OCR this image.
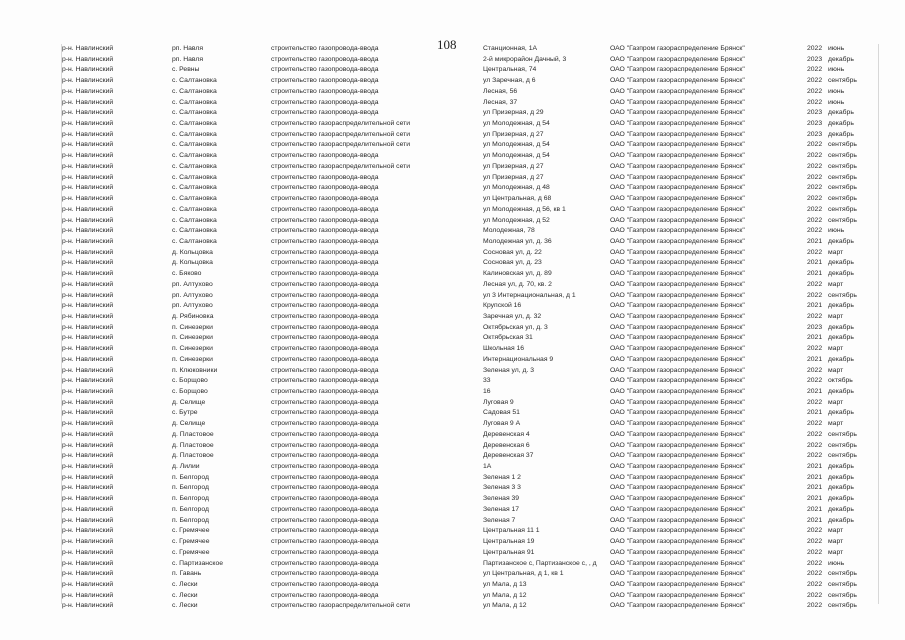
108
р-н. Навлинский	рп. Навля	строительство газопровода-ввода	Станционная, 1А	ОАО "Газпром газораспределение Брянск"	2022 июнь
р-н. Навлинский	рп. Навля	строительство газопровода-ввода	2-й микрорайон Дачный, 3	ОАО "Газпром газораспределение Брянск"	2023 декабрь
р-н. Навлинский	с. Ревны	строительство газопровода-ввода	Центральная, 74	ОАО "Газпром газораспределение Брянск"	2022 июнь
р-н. Навлинский	с. Салтановка	строительство газопровода-ввода	ул Заречная, д 6	ОАО "Газпром газораспределение Брянск"	2022 сентябрь
р-н. Навлинский	с. Салтановка	строительство газопровода-ввода	Лесная, 56	ОАО "Газпром газораспределение Брянск"	2022 июнь
р-н. Навлинский	с. Салтановка	строительство газопровода-ввода	Лесная, 37	ОАО "Газпром газораспределение Брянск"	2022 июнь
р-н. Навлинский	с. Салтановка	строительство газопровода-ввода	ул Призерная, д 29	ОАО "Газпром газораспределение Брянск"	2023 декабрь
р-н. Навлинский	с. Салтановка	строительство газораспределительной сети	ул Молодежная, д 54	ОАО "Газпром газораспределение Брянск"	2023 декабрь
р-н. Навлинский	с. Салтановка	строительство газораспределительной сети	ул Призерная, д 27	ОАО "Газпром газораспределение Брянск"	2023 декабрь
р-н. Навлинский	с. Салтановка	строительство газораспределительной сети	ул Молодежная, д 54	ОАО "Газпром газораспределение Брянск"	2022 сентябрь
р-н. Навлинский	с. Салтановка	строительство газопровода-ввода	ул Молодежная, д 54	ОАО "Газпром газораспределение Брянск"	2022 сентябрь
р-н. Навлинский	с. Салтановка	строительство газораспределительной сети	ул Призерная, д 27	ОАО "Газпром газораспределение Брянск"	2022 сентябрь
р-н. Навлинский	с. Салтановка	строительство газопровода-ввода	ул Призерная, д 27	ОАО "Газпром газораспределение Брянск"	2022 сентябрь
р-н. Навлинский	с. Салтановка	строительство газопровода-ввода	ул Молодежная, д 48	ОАО "Газпром газораспределение Брянск"	2022 сентябрь
р-н. Навлинский	с. Салтановка	строительство газопровода-ввода	ул Центральная, д 68	ОАО "Газпром газораспределение Брянск"	2022 сентябрь
р-н. Навлинский	с. Салтановка	строительство газопровода-ввода	ул Молодежная, д 56, кв 1	ОАО "Газпром газораспределение Брянск"	2022 сентябрь
р-н. Навлинский	с. Салтановка	строительство газопровода-ввода	ул Молодежная, д 52	ОАО "Газпром газораспределение Брянск"	2022 сентябрь
р-н. Навлинский	с. Салтановка	строительство газопровода-ввода	Молодежная, 78	ОАО "Газпром газораспределение Брянск"	2022 июнь
р-н. Навлинский	с. Салтановка	строительство газопровода-ввода	Молодежная ул, д. 36	ОАО "Газпром газораспределение Брянск"	2021 декабрь
р-н. Навлинский	д. Кольцовка	строительство газопровода-ввода	Сосновая ул, д. 22	ОАО "Газпром газораспределение Брянск"	2022 март
р-н. Навлинский	д. Кольцовка	строительство газопровода-ввода	Сосновая ул, д. 23	ОАО "Газпром газораспределение Брянск"	2021 декабрь
р-н. Навлинский	с. Бяково	строительство газопровода-ввода	Калиновская ул, д. 89	ОАО "Газпром газораспределение Брянск"	2021 декабрь
р-н. Навлинский	рп. Алтухово	строительство газопровода-ввода	Лесная ул, д. 70, кв. 2	ОАО "Газпром газораспределение Брянск"	2022 март
р-н. Навлинский	рп. Алтухово	строительство газопровода-ввода	ул 3 Интернациональная, д 1	ОАО "Газпром газораспределение Брянск"	2022 сентябрь
р-н. Навлинский	рп. Алтухово	строительство газопровода-ввода	Крупской 16	ОАО "Газпром газораспределение Брянск"	2021 декабрь
р-н. Навлинский	д. Рябиновка	строительство газопровода-ввода	Заречная ул, д. 32	ОАО "Газпром газораспределение Брянск"	2022 март
р-н. Навлинский	п. Синезерки	строительство газопровода-ввода	Октябрьская ул, д. 3	ОАО "Газпром газораспределение Брянск"	2023 декабрь
р-н. Навлинский	п. Синезерки	строительство газопровода-ввода	Октябрьская 31	ОАО "Газпром газораспределение Брянск"	2021 декабрь
р-н. Навлинский	п. Синезерки	строительство газопровода-ввода	Школьная 16	ОАО "Газпром газораспределение Брянск"	2022 март
р-н. Навлинский	п. Синезерки	строительство газопровода-ввода	Интернациональная 9	ОАО "Газпром газораспределение Брянск"	2021 декабрь
р-н. Навлинский	п. Клюковники	строительство газопровода-ввода	Зеленая ул, д. 3	ОАО "Газпром газораспределение Брянск"	2022 март
р-н. Навлинский	с. Борщово	строительство газопровода-ввода	33	ОАО "Газпром газораспределение Брянск"	2022 октябрь
р-н. Навлинский	с. Борщово	строительство газопровода-ввода	16	ОАО "Газпром газораспределение Брянск"	2021 декабрь
р-н. Навлинский	д. Селище	строительство газопровода-ввода	Луговая 9	ОАО "Газпром газораспределение Брянск"	2022 март
р-н. Навлинский	с. Бутре	строительство газопровода-ввода	Садовая 51	ОАО "Газпром газораспределение Брянск"	2021 декабрь
р-н. Навлинский	д. Селище	строительство газопровода-ввода	Луговая 9 А	ОАО "Газпром газораспределение Брянск"	2022 март
р-н. Навлинский	д. Пластовое	строительство газопровода-ввода	Деревенская 4	ОАО "Газпром газораспределение Брянск"	2022 сентябрь
р-н. Навлинский	д. Пластовое	строительство газопровода-ввода	Деревенская 6	ОАО "Газпром газораспределение Брянск"	2022 сентябрь
р-н. Навлинский	д. Пластовое	строительство газопровода-ввода	Деревенская 37	ОАО "Газпром газораспределение Брянск"	2022 сентябрь
р-н. Навлинский	д. Лилии	строительство газопровода-ввода	1А	ОАО "Газпром газораспределение Брянск"	2021 декабрь
р-н. Навлинский	п. Белгород	строительство газопровода-ввода	Зеленая 1 2	ОАО "Газпром газораспределение Брянск"	2021 декабрь
р-н. Навлинский	п. Белгород	строительство газопровода-ввода	Зеленая 3 3	ОАО "Газпром газораспределение Брянск"	2021 декабрь
р-н. Навлинский	п. Белгород	строительство газопровода-ввода	Зеленая 39	ОАО "Газпром газораспределение Брянск"	2021 декабрь
р-н. Навлинский	п. Белгород	строительство газопровода-ввода	Зеленая 17	ОАО "Газпром газораспределение Брянск"	2021 декабрь
р-н. Навлинский	п. Белгород	строительство газопровода-ввода	Зеленая 7	ОАО "Газпром газораспределение Брянск"	2021 декабрь
р-н. Навлинский	с. Гремячее	строительство газопровода-ввода	Центральная 11 1	ОАО "Газпром газораспределение Брянск"	2022 март
р-н. Навлинский	с. Гремячее	строительство газопровода-ввода	Центральная 19	ОАО "Газпром газораспределение Брянск"	2022 март
р-н. Навлинский	с. Гремячее	строительство газопровода-ввода	Центральная 91	ОАО "Газпром газораспределение Брянск"	2022 март
р-н. Навлинский	с. Партизанское	строительство газопровода-ввода	Партизанское с, Партизанское с, , д	ОАО "Газпром газораспределение Брянск"	2022 июнь
р-н. Навлинский	п. Гавань	строительство газопровода-ввода	ул Центральная, д 1, кв 1	ОАО "Газпром газораспределение Брянск"	2022 сентябрь
р-н. Навлинский	с. Лески	строительство газопровода-ввода	ул Мала, д 13	ОАО "Газпром газораспределение Брянск"	2022 сентябрь
р-н. Навлинский	с. Лески	строительство газопровода-ввода	ул Мала, д 12	ОАО "Газпром газораспределение Брянск"	2022 сентябрь
р-н. Навлинский	с. Лески	строительство газораспределительной сети	ул Мала, д 12	ОАО "Газпром газораспределение Брянск"	2022 сентябрь
